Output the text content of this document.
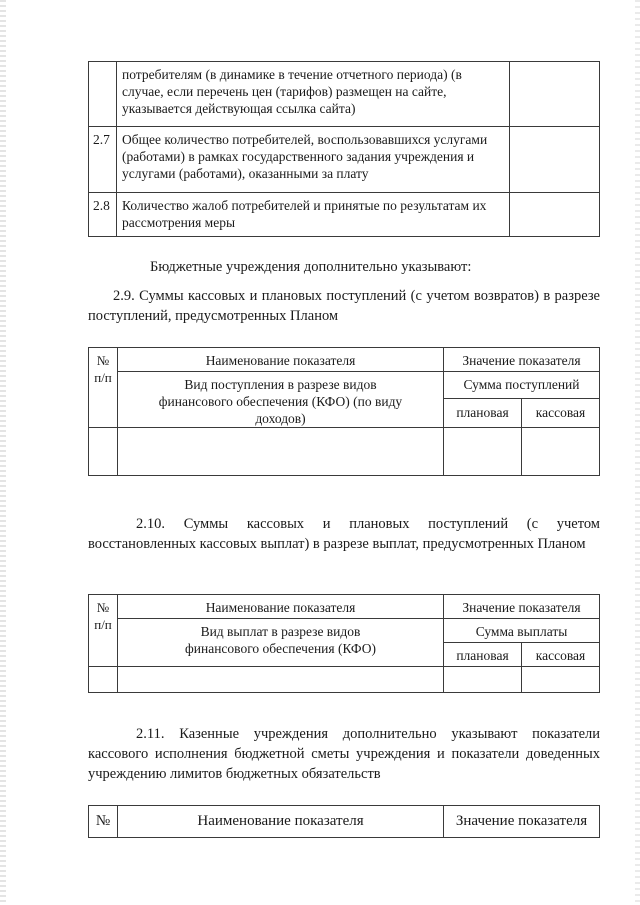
	потребителям (в динамике в течение отчетного периода) (в случае, если перечень цен (тарифов) размещен на сайте, указывается действующая ссылка сайта)	
2.7	Общее количество потребителей, воспользовавшихся услугами (работами) в рамках государственного задания учреждения и услугами (работами), оказанными за плату	
2.8	Количество жалоб потребителей и принятые по результатам их рассмотрения меры	
Бюджетные учреждения дополнительно указывают:
2.9. Суммы кассовых и плановых поступлений (с учетом возвратов) в разрезе поступлений, предусмотренных Планом
№ п/п	Наименование показателя	Значение показателя	
	Вид поступления в разрезе видов финансового обеспечения (КФО) (по виду доходов)	Сумма поступлений	
		плановая	кассовая

2.10. Суммы кассовых и плановых поступлений (с учетом восстановленных кассовых выплат) в разрезе выплат, предусмотренных Планом
№ п/п	Наименование показателя	Значение показателя	
	Вид выплат в разрезе видов финансового обеспечения (КФО)	Сумма выплаты	
		плановая	кассовая

2.11. Казенные учреждения дополнительно указывают показатели кассового исполнения бюджетной сметы учреждения и показатели доведенных учреждению лимитов бюджетных обязательств
№	Наименование показателя	Значение показателя
